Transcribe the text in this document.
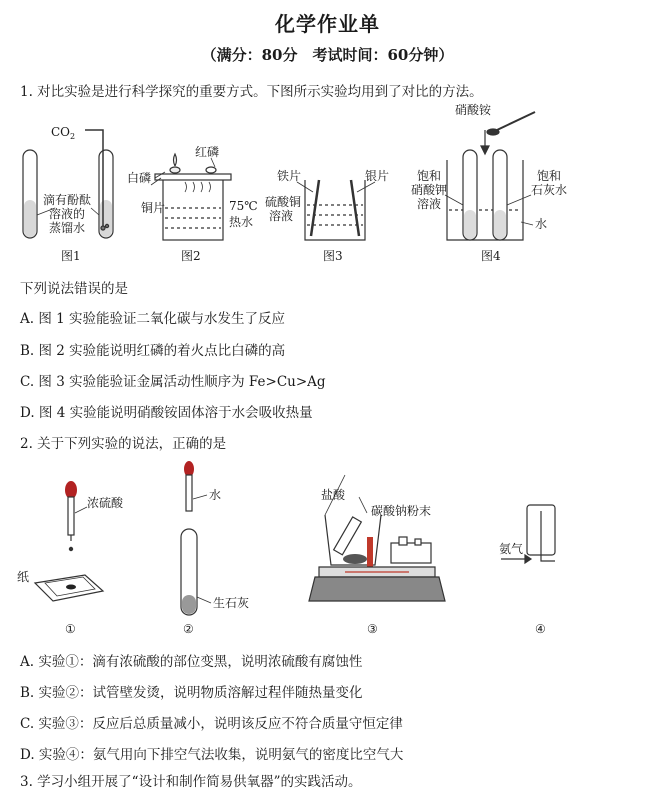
化学作业单
（满分：80分　考试时间：60分钟）
1. 对比实验是进行科学探究的重要方式。下图所示实验均用到了对比的方法。
$CO_2$
滴有酚酞
溶液的
蒸馏水
图1
红磷
白磷
铜片	75℃
热水
图2
铁片	银片
硫酸铜
溶液
图3
硝酸铵
饱和
硝酸钾
溶液
饱和
石灰水
水
图4
下列说法错误的是
A. 图 1 实验能验证二氧化碳与水发生了反应
B. 图 2 实验能说明红磷的着火点比白磷的高
C. 图 3 实验能验证金属活动性顺序为 Fe>Cu>Ag
D. 图 4 实验能说明硝酸铵固体溶于水会吸收热量
2. 关于下列实验的说法，正确的是
浓硫酸
纸
①
水
生石灰
②
盐酸
碳酸钠粉末
③
氨气
④
A. 实验①：滴有浓硫酸的部位变黑，说明浓硫酸有腐蚀性
B. 实验②：试管壁发烫，说明物质溶解过程伴随热量变化
C. 实验③：反应后总质量减小，说明该反应不符合质量守恒定律
D. 实验④：氨气用向下排空气法收集，说明氨气的密度比空气大
3. 学习小组开展了“设计和制作简易供氧器”的实践活动。
